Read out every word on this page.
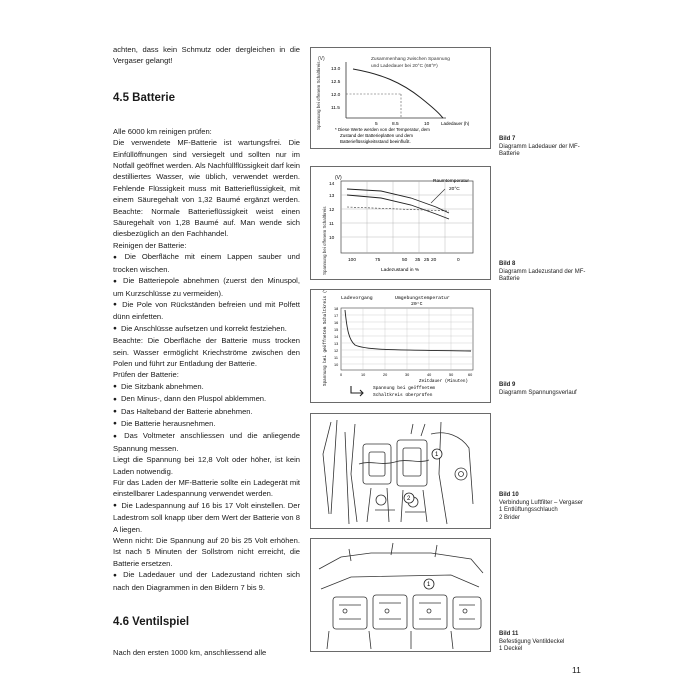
achten, dass kein Schmutz oder dergleichen in die Vergaser gelangt!

4.5 Batterie

Alle 6000 km reinigen prüfen:

Die verwendete MF-Batterie ist wartungsfrei. Die Einfüllöffnungen sind versiegelt und sollten nur im Notfall geöffnet werden. Als Nachfüllflüssigkeit darf kein destilliertes Wasser, wie üblich, verwendet werden. Fehlende Flüssigkeit muss mit Batterieflüssigkeit, mit einem Säuregehalt von 1,32 Baumé ergänzt werden. Beachte: Normale Batterieflüssigkeit weist einen Säuregehalt von 1,28 Baumé auf. Man wende sich diesbezüglich an den Fachhandel.

Reinigen der Batterie:

● Die Oberfläche mit einem Lappen sauber und trocken wischen.

● Die Batteriepole abnehmen (zuerst den Minuspol, um Kurzschlüsse zu vermeiden).

● Die Pole von Rückständen befreien und mit Polfett dünn einfetten.

● Die Anschlüsse aufsetzen und korrekt festziehen.

Beachte: Die Oberfläche der Batterie muss trocken sein. Wasser ermöglicht Kriechströme zwischen den Polen und führt zur Entladung der Batterie.

Prüfen der Batterie:

● Die Sitzbank abnehmen.

● Den Minus-, dann den Pluspol abklemmen.

● Das Halteband der Batterie abnehmen.

● Die Batterie herausnehmen.

● Das Voltmeter anschliessen und die anliegende Spannung messen.

Liegt die Spannung bei 12,8 Volt oder höher, ist kein Laden notwendig.

Für das Laden der MF-Batterie sollte ein Ladegerät mit einstellbarer Ladespannung verwendet werden.

● Die Ladespannung auf 16 bis 17 Volt einstellen. Der Ladestrom soll knapp über dem Wert der Batterie von 8 A liegen.

Wenn nicht: Die Spannung auf 20 bis 25 Volt erhöhen. Ist nach 5 Minuten der Sollstrom nicht erreicht, die Batterie ersetzen.

● Die Ladedauer und der Ladezustand richten sich nach den Diagrammen in den Bildern 7 bis 9.

4.6 Ventilspiel

Nach den ersten 1000 km, anschliessend alle

(V)
Spannung bei offenem Schaltkreis
Zusammenhang zwischen Spannung
und Ladedauer bei 20°C (68°F)
13.0
12.5
12.0
11.5
5	8.5	10	Ladedauer (h)
* Diese Werte werden von der Temperatur, dem
Zustand der Batterieplatten und dem
Batterieflüssigkeitsstand beeinflußt.	Bild 7
Diagramm Ladedauer der MF-Batterie
(V)
Spannung bei offenem Schaltkreis
Raumtemperatur
20°C
14
13
12
11
10
100	75	50 35 25 20	0
Ladezustand in %
Bild 8
Diagramm Ladezustand der MF-Batterie
Ladevorgang	Umgebungstemperatur
20°C
Spannung bei geöffnetem Schaltkreis (V) 18
17
16
15
14
13
12
11
10
0	10	20	30	40	50	60
Zeitdauer (Minuten)
Spannung bei geöffnetem
Schaltkreis überprüfen
Bild 9
Diagramm Spannungsverlauf
1
2
Bild 10
Verbindung Luftfilter – Vergaser
1 Entlüftungsschlauch
2 Brider
1
Bild 11
Befestigung Ventildeckel
1 Deckel
11
